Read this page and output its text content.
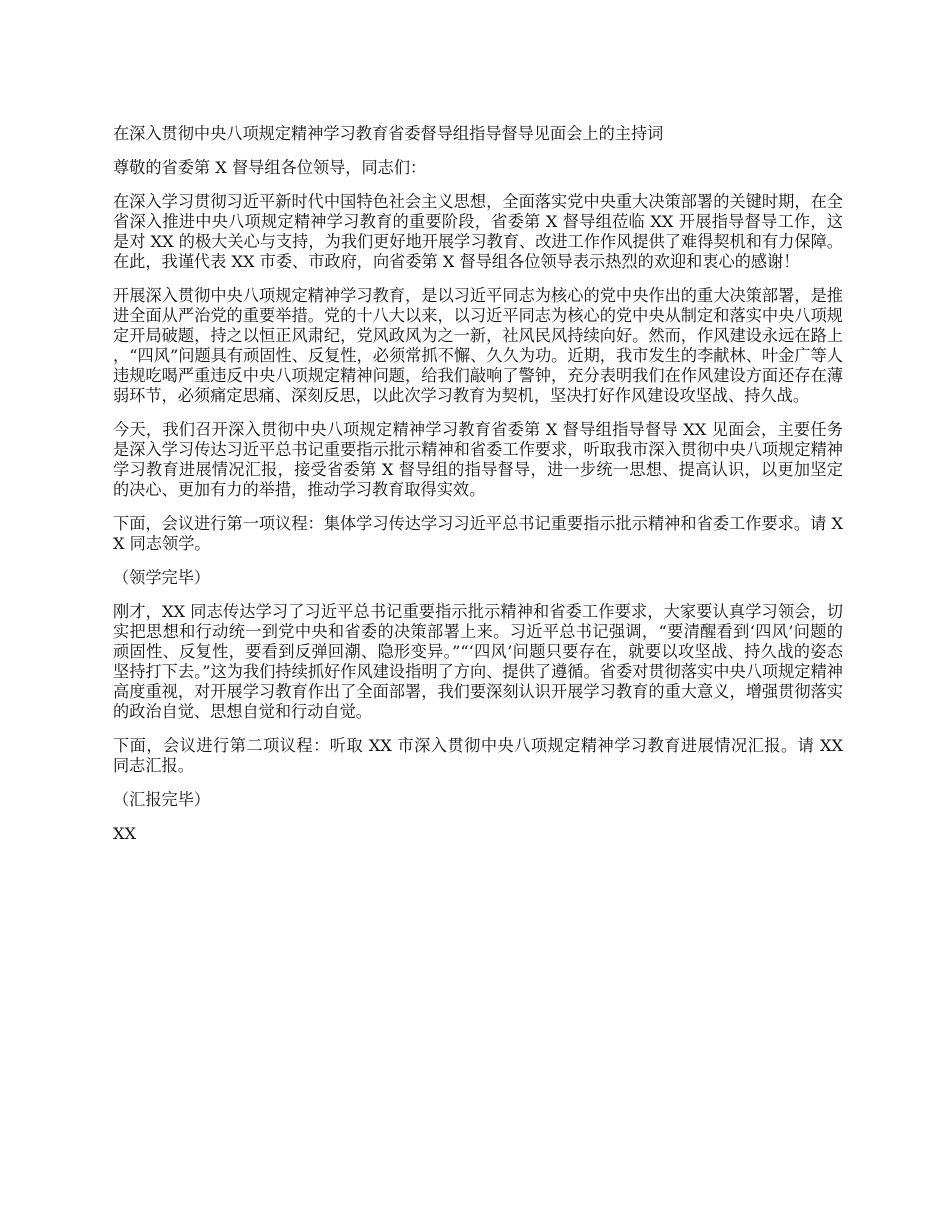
在深入贯彻中央八项规定精神学习教育省委督导组指导督导见面会上的主持词

尊敬的省委第 X 督导组各位领导，同志们：

在深入学习贯彻习近平新时代中国特色社会主义思想，全面落实党中央重大决策部署的关键时期，在全省深入推进中央八项规定精神学习教育的重要阶段，省委第 X 督导组莅临 XX 开展指导督导工作，这是对 XX 的极大关心与支持，为我们更好地开展学习教育、改进工作作风提供了难得契机和有力保障。在此，我谨代表 XX 市委、市政府，向省委第 X 督导组各位领导表示热烈的欢迎和衷心的感谢！

开展深入贯彻中央八项规定精神学习教育，是以习近平同志为核心的党中央作出的重大决策部署，是推进全面从严治党的重要举措。党的十八大以来，以习近平同志为核心的党中央从制定和落实中央八项规定开局破题，持之以恒正风肃纪，党风政风为之一新，社风民风持续向好。然而，作风建设永远在路上，“四风”问题具有顽固性、反复性，必须常抓不懈、久久为功。近期，我市发生的李献林、叶金广等人违规吃喝严重违反中央八项规定精神问题，给我们敲响了警钟，充分表明我们在作风建设方面还存在薄弱环节，必须痛定思痛、深刻反思，以此次学习教育为契机，坚决打好作风建设攻坚战、持久战。

今天，我们召开深入贯彻中央八项规定精神学习教育省委第 X 督导组指导督导 XX 见面会，主要任务是深入学习传达习近平总书记重要指示批示精神和省委工作要求，听取我市深入贯彻中央八项规定精神学习教育进展情况汇报，接受省委第 X 督导组的指导督导，进一步统一思想、提高认识，以更加坚定的决心、更加有力的举措，推动学习教育取得实效。

下面，会议进行第一项议程：集体学习传达学习习近平总书记重要指示批示精神和省委工作要求。请 XX 同志领学。

（领学完毕）

刚才，XX 同志传达学习了习近平总书记重要指示批示精神和省委工作要求，大家要认真学习领会，切实把思想和行动统一到党中央和省委的决策部署上来。习近平总书记强调，“要清醒看到‘四风’问题的顽固性、反复性，要看到反弹回潮、隐形变异。”“‘四风’问题只要存在，就要以攻坚战、持久战的姿态坚持打下去。”这为我们持续抓好作风建设指明了方向、提供了遵循。省委对贯彻落实中央八项规定精神高度重视，对开展学习教育作出了全面部署，我们要深刻认识开展学习教育的重大意义，增强贯彻落实的政治自觉、思想自觉和行动自觉。

下面，会议进行第二项议程：听取 XX 市深入贯彻中央八项规定精神学习教育进展情况汇报。请 XX 同志汇报。

（汇报完毕）

XX
